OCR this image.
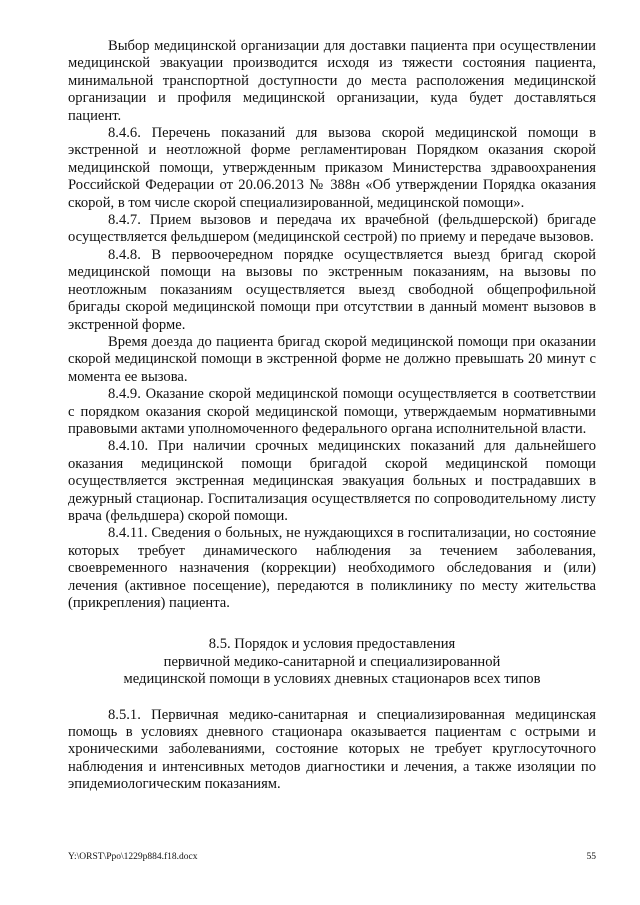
Выбор медицинской организации для доставки пациента при осуществлении медицинской эвакуации производится исходя из тяжести состояния пациента, минимальной транспортной доступности до места расположения медицинской организации и профиля медицинской организации, куда будет доставляться пациент.

8.4.6. Перечень показаний для вызова скорой медицинской помощи в экстренной и неотложной форме регламентирован Порядком оказания скорой медицинской помощи, утвержденным приказом Министерства здравоохранения Российской Федерации от 20.06.2013 № 388н «Об утверждении Порядка оказания скорой, в том числе скорой специализированной, медицинской помощи».

8.4.7. Прием вызовов и передача их врачебной (фельдшерской) бригаде осуществляется фельдшером (медицинской сестрой) по приему и передаче вызовов.

8.4.8. В первоочередном порядке осуществляется выезд бригад скорой медицинской помощи на вызовы по экстренным показаниям, на вызовы по неотложным показаниям осуществляется выезд свободной общепрофильной бригады скорой медицинской помощи при отсутствии в данный момент вызовов в экстренной форме.

Время доезда до пациента бригад скорой медицинской помощи при оказании скорой медицинской помощи в экстренной форме не должно превышать 20 минут с момента ее вызова.

8.4.9. Оказание скорой медицинской помощи осуществляется в соответствии с порядком оказания скорой медицинской помощи, утверждаемым нормативными правовыми актами уполномоченного федерального органа исполнительной власти.

8.4.10. При наличии срочных медицинских показаний для дальнейшего оказания медицинской помощи бригадой скорой медицинской помощи осуществляется экстренная медицинская эвакуация больных и пострадавших в дежурный стационар. Госпитализация осуществляется по сопроводительному листу врача (фельдшера) скорой помощи.

8.4.11. Сведения о больных, не нуждающихся в госпитализации, но состояние которых требует динамического наблюдения за течением заболевания, своевременного назначения (коррекции) необходимого обследования и (или) лечения (активное посещение), передаются в поликлинику по месту жительства (прикрепления) пациента.

8.5. Порядок и условия предоставления
первичной медико-санитарной и специализированной
медицинской помощи в условиях дневных стационаров всех типов

8.5.1. Первичная медико-санитарная и специализированная медицинская помощь в условиях дневного стационара оказывается пациентам с острыми и хроническими заболеваниями, состояние которых не требует круглосуточного наблюдения и интенсивных методов диагностики и лечения, а также изоляции по эпидемиологическим показаниям.

Y:\ORST\Ppo\1229p884.f18.docx	55
